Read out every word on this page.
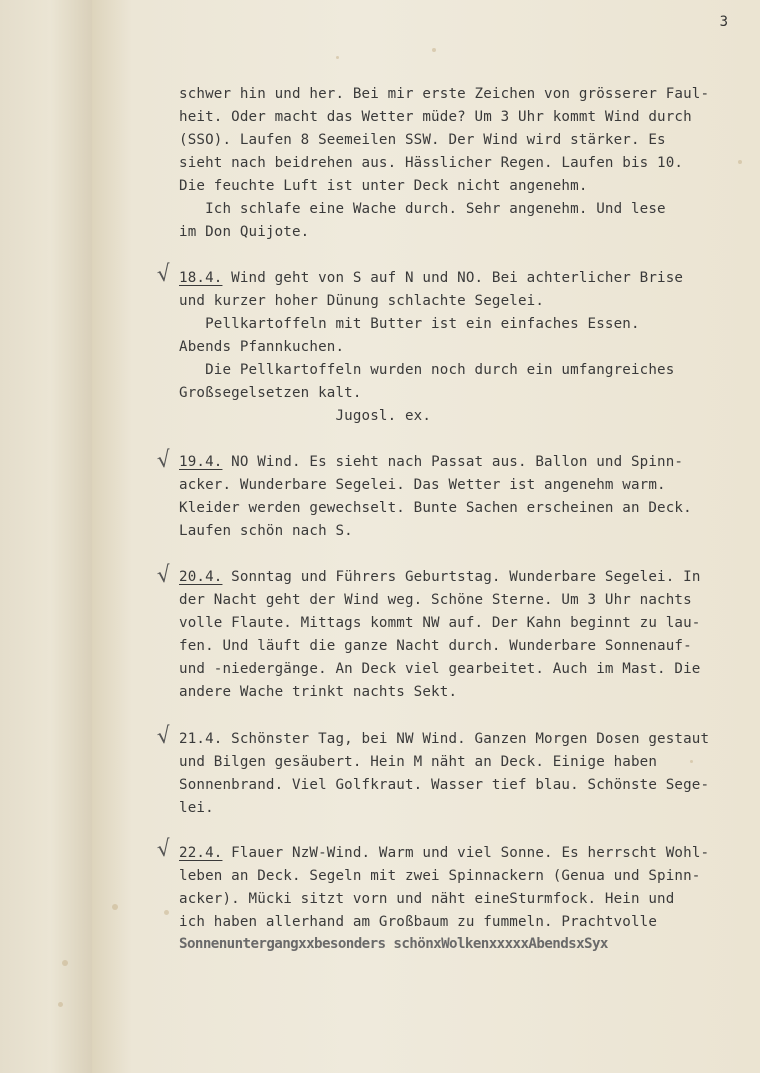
3
√
√
√
√
√
schwer hin und her. Bei mir erste Zeichen von grösserer Faul-
heit. Oder macht das Wetter müde? Um 3 Uhr kommt Wind durch
(SSO). Laufen 8 Seemeilen SSW. Der Wind wird stärker. Es
sieht nach beidrehen aus. Hässlicher Regen. Laufen bis 10.
Die feuchte Luft ist unter Deck nicht angenehm.
Ich schlafe eine Wache durch. Sehr angenehm. Und lese
im Don Quijote.
18.4. Wind geht von S auf N und NO. Bei achterlicher Brise
und kurzer hoher Dünung schlachte Segelei.
Pellkartoffeln mit Butter ist ein einfaches Essen.
Abends Pfannkuchen.
Die Pellkartoffeln wurden noch durch ein umfangreiches
Großsegelsetzen kalt.
Jugosl. ex.
19.4. NO Wind. Es sieht nach Passat aus. Ballon und Spinn-
acker. Wunderbare Segelei. Das Wetter ist angenehm warm.
Kleider werden gewechselt. Bunte Sachen erscheinen an Deck.
Laufen schön nach S.
20.4. Sonntag und Führers Geburtstag. Wunderbare Segelei. In
der Nacht geht der Wind weg. Schöne Sterne. Um 3 Uhr nachts
volle Flaute. Mittags kommt NW auf. Der Kahn beginnt zu lau-
fen. Und läuft die ganze Nacht durch. Wunderbare Sonnenauf-
und -niedergänge. An Deck viel gearbeitet. Auch im Mast. Die
andere Wache trinkt nachts Sekt.
21.4. Schönster Tag, bei NW Wind. Ganzen Morgen Dosen gestaut
und Bilgen gesäubert. Hein M näht an Deck. Einige haben
Sonnenbrand. Viel Golfkraut. Wasser tief blau. Schönste Sege-
lei.
22.4. Flauer NzW-Wind. Warm und viel Sonne. Es herrscht Wohl-
leben an Deck. Segeln mit zwei Spinnackern (Genua und Spinn-
acker). Mücki sitzt vorn und näht eineSturmfock. Hein und
ich haben allerhand am Großbaum zu fummeln. Prachtvolle
Sonnenuntergangxxbesonders schönxWolkenxxxxxAbendsxSyx
